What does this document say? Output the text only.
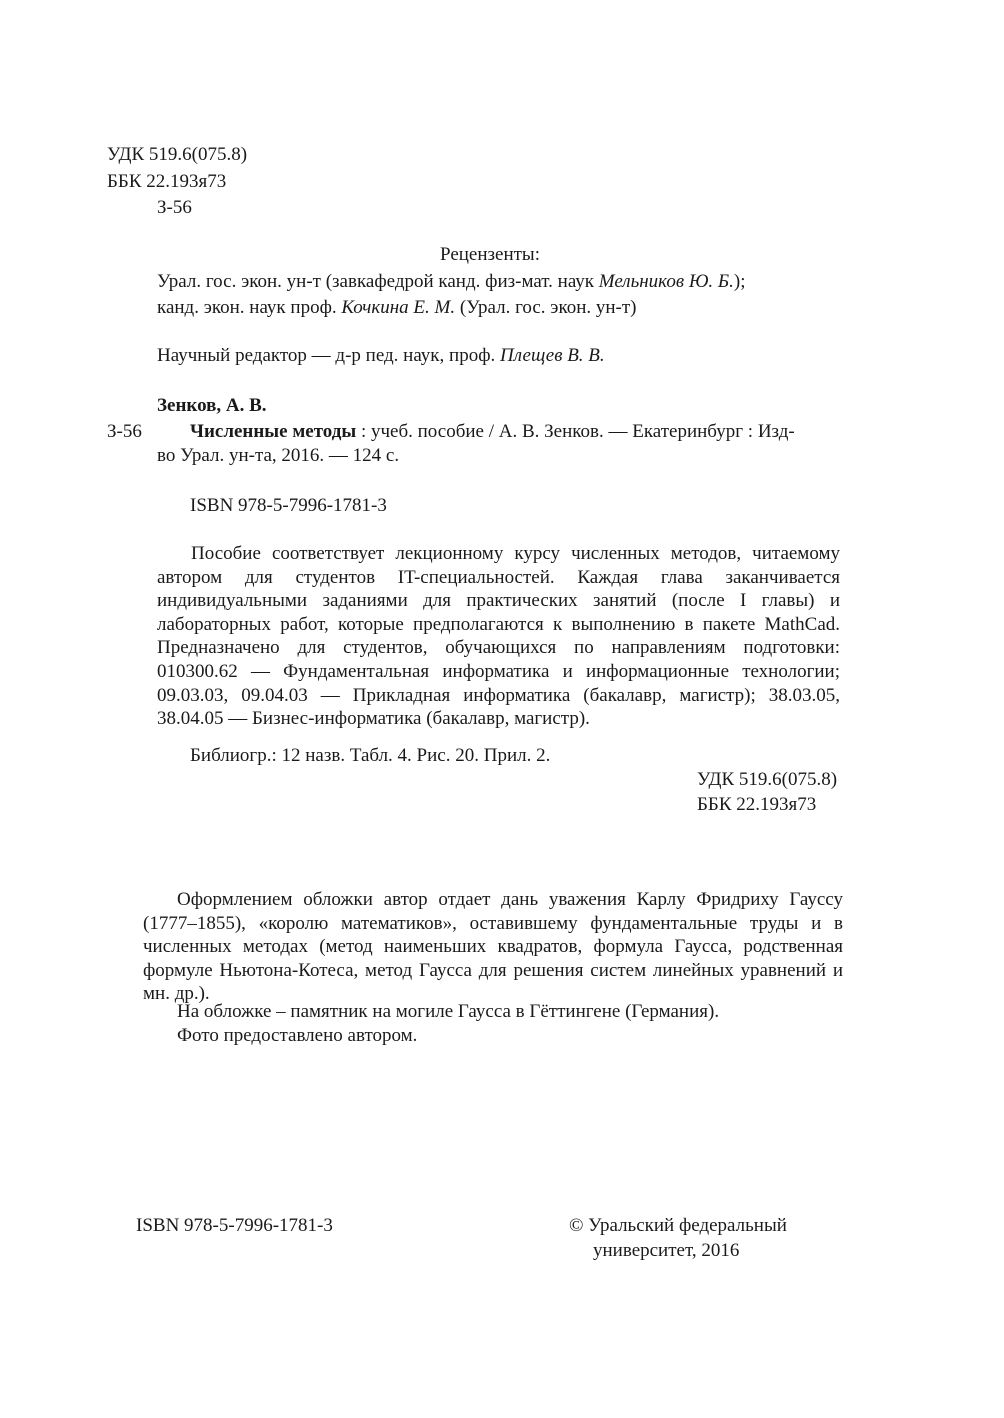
УДК 519.6(075.8)
ББК 22.193я73
З-56
Рецензенты:
Урал. гос. экон. ун-т (завкафедрой канд. физ-мат. наук Мельников Ю. Б.);
канд. экон. наук проф. Кочкина Е. М. (Урал. гос. экон. ун-т)
Научный редактор — д-р пед. наук, проф. Плещев В. В.
Зенков, А. В.
З-56	Численные методы : учеб. пособие / А. В. Зенков. — Екатеринбург : Изд-
во Урал. ун-та, 2016. — 124 с.
ISBN 978-5-7996-1781-3
Пособие соответствует лекционному курсу численных методов, читаемому автором для студентов IT-специальностей. Каждая глава заканчивается индивидуальными заданиями для практических занятий (после I главы) и лабораторных работ, которые предполагаются к выполнению в пакете MathCad. Предназначено для студентов, обучающихся по направлениям подготовки: 010300.62 — Фундаментальная информатика и информационные технологии; 09.03.03, 09.04.03 — Прикладная информатика (бакалавр, магистр); 38.03.05, 38.04.05 — Бизнес-информатика (бакалавр, магистр).
Библиогр.: 12 назв. Табл. 4. Рис. 20. Прил. 2.
УДК 519.6(075.8)
ББК 22.193я73
Оформлением обложки автор отдает дань уважения Карлу Фридриху Гауссу (1777–1855), «королю математиков», оставившему фундаментальные труды и в численных методах (метод наименьших квадратов, формула Гаусса, родственная формуле Ньютона-Котеса, метод Гаусса для решения систем линейных уравнений и мн. др.).
На обложке – памятник на могиле Гаусса в Гёттингене (Германия).
Фото предоставлено автором.
ISBN 978-5-7996-1781-3	© Уральский федеральный
университет, 2016
